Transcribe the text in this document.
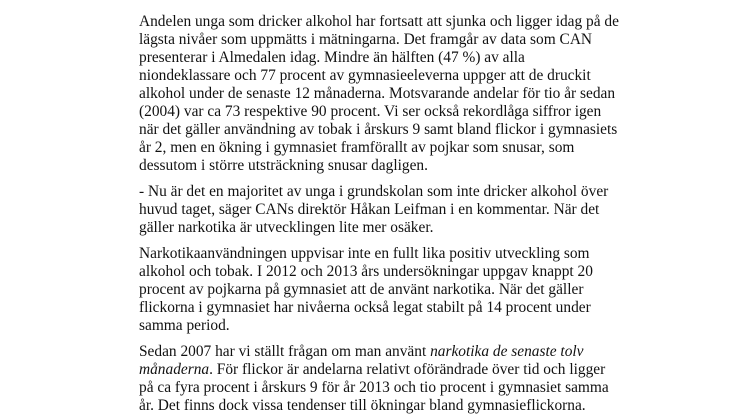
Andelen unga som dricker alkohol har fortsatt att sjunka och ligger idag på de lägsta nivåer som uppmätts i mätningarna. Det framgår av data som CAN presenterar i Almedalen idag. Mindre än hälften (47 %) av alla niondeklassare och 77 procent av gymnasieeleverna uppger att de druckit alkohol under de senaste 12 månaderna. Motsvarande andelar för tio år sedan (2004) var ca 73 respektive 90 procent. Vi ser också rekordlåga siffror igen när det gäller användning av tobak i årskurs 9 samt bland flickor i gymnasiets år 2, men en ökning i gymnasiet framförallt av pojkar som snusar, som dessutom i större utsträckning snusar dagligen.

- Nu är det en majoritet av unga i grundskolan som inte dricker alkohol över huvud taget, säger CANs direktör Håkan Leifman i en kommentar. När det gäller narkotika är utvecklingen lite mer osäker.

Narkotikaanvändningen uppvisar inte en fullt lika positiv utveckling som alkohol och tobak. I 2012 och 2013 års undersökningar uppgav knappt 20 procent av pojkarna på gymnasiet att de använt narkotika. När det gäller flickorna i gymnasiet har nivåerna också legat stabilt på 14 procent under samma period.

Sedan 2007 har vi ställt frågan om man använt narkotika de senaste tolv månaderna. För flickor är andelarna relativt oförändrade över tid och ligger på ca fyra procent i årskurs 9 för år 2013 och tio procent i gymnasiet samma år. Det finns dock vissa tendenser till ökningar bland gymnasieflickorna.
